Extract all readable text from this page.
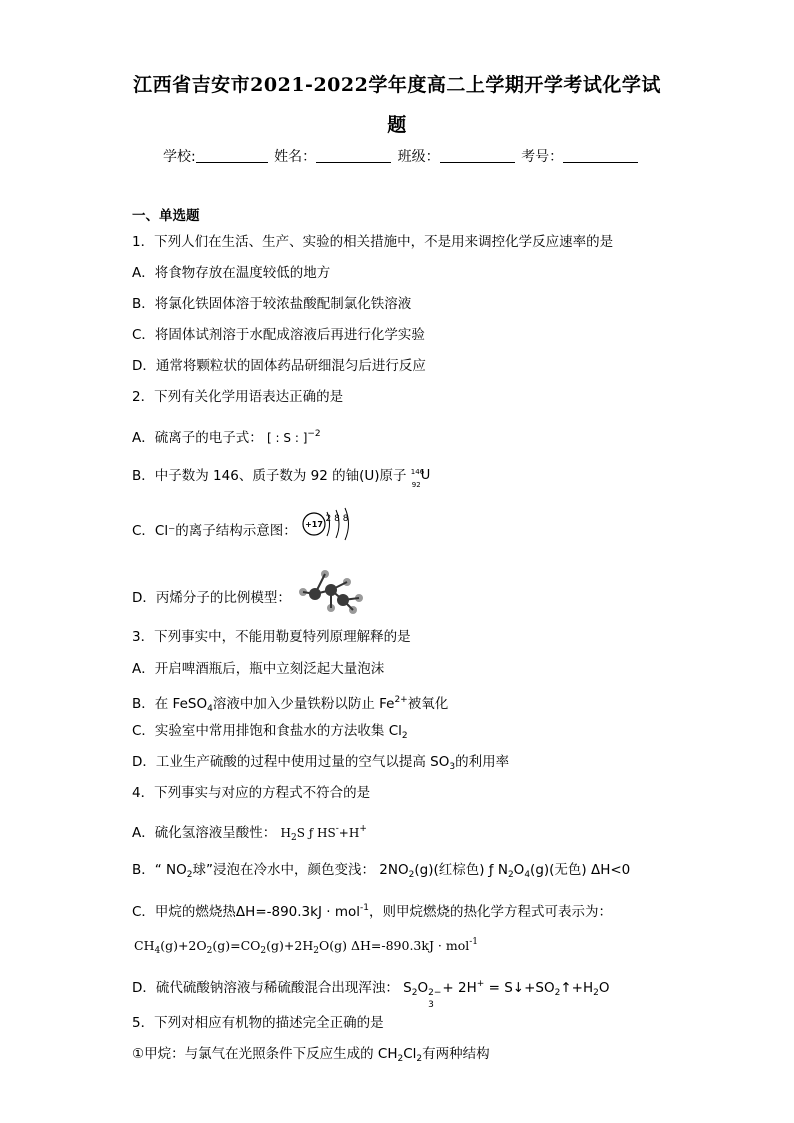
江西省吉安市2021-2022学年度高二上学期开学考试化学试
题
学校:	姓名：	班级：	考号：
一、单选题
1．下列人们在生活、生产、实验的相关措施中，不是用来调控化学反应速率的是
A．将食物存放在温度较低的地方
B．将氯化铁固体溶于较浓盐酸配制氯化铁溶液
C．将固体试剂溶于水配成溶液后再进行化学实验
D．通常将颗粒状的固体药品研细混匀后进行反应
2．下列有关化学用语表达正确的是
A．硫离子的电子式： [ : S : ]$^{-2}$
B．中子数为 146、质子数为 92 的铀(U)原子 146
92
U
C．Cl⁻的离子结构示意图： +17
2 8 8
D．丙烯分子的比例模型：
3．下列事实中，不能用勒夏特列原理解释的是
A．开启啤酒瓶后，瓶中立刻泛起大量泡沫
B．在 FeSO$_4$溶液中加入少量铁粉以防止 $Fe^{2+}$被氧化
C．实验室中常用排饱和食盐水的方法收集 $Cl_2$
D．工业生产硫酸的过程中使用过量的空气以提高 $SO_3$的利用率
4．下列事实与对应的方程式不符合的是
A．硫化氢溶液呈酸性： $H_2S$ ƒ HS-+H+
B．“ $NO_2$球”浸泡在冷水中，颜色变浅： $2NO_2(g)$(红棕色) ƒ $N_2O_4(g)$(无色) ΔH<0
C．甲烷的燃烧热ΔH=-890.3kJ · mol$^{-1}$，则甲烷燃烧的热化学方程式可表示为：
$CH_4(g)+2O_2(g)=CO_2(g)+2H_2O(g) \Delta H=-890.3kJ \cdot mol^{-1}$
D．硫代硫酸钠溶液与稀硫酸混合出现浑浊： $S_2O$ 2−
3
+ $2H^+ = S↓+SO_2↑+H_2O$
5．下列对相应有机物的描述完全正确的是
①甲烷：与氯气在光照条件下反应生成的 $CH_2Cl_2$有两种结构
